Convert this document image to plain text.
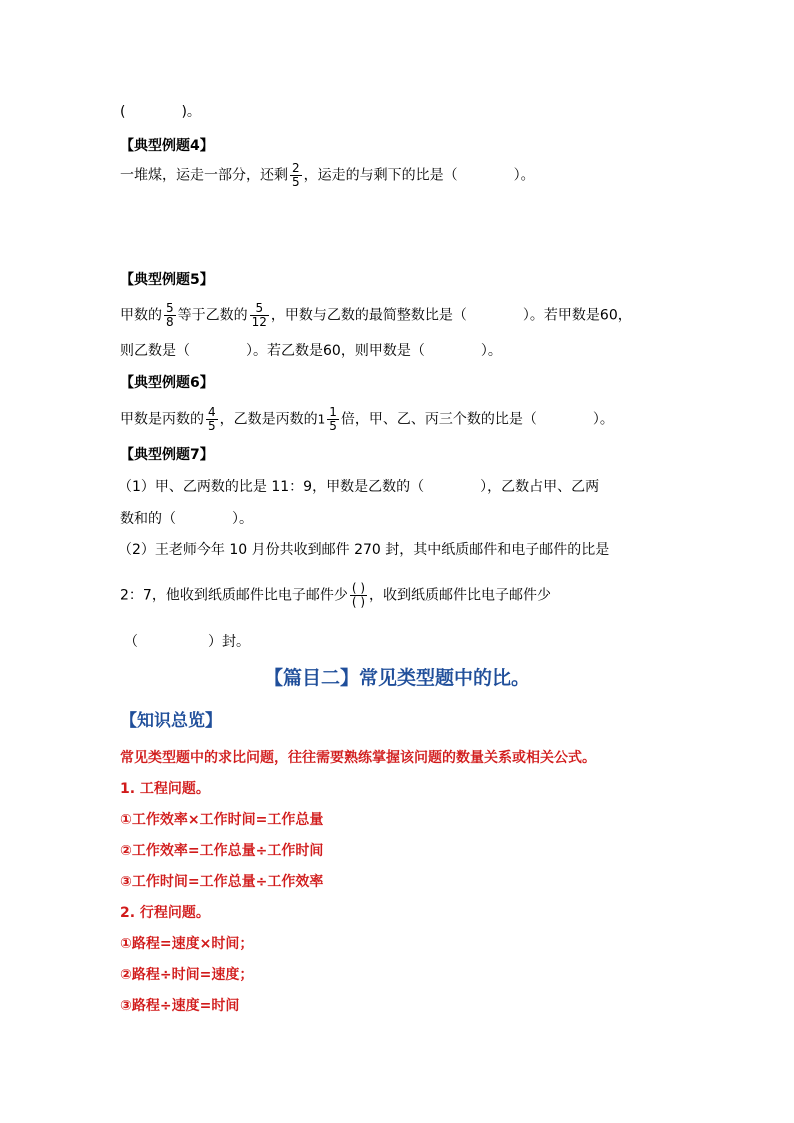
(　　　　)。
【典型例题4】
一堆煤，运走一部分，还剩 $\frac{2}{5}$ ，运走的与剩下的比是（　　　　）。
【典型例题5】
甲数的 $\frac{5}{8}$ 等于乙数的 $\frac{5}{12}$ ，甲数与乙数的最简整数比是（　　　　）。若甲数是60，
则乙数是（　　　　）。若乙数是60，则甲数是（　　　　）。
【典型例题6】
甲数是丙数的 $\frac{4}{5}$ ，乙数是丙数的$1 \frac{1}{5}$ 倍，甲、乙、丙三个数的比是（　　　　）。
【典型例题7】
（1）甲、乙两数的比是 11：9，甲数是乙数的（　　　　），乙数占甲、乙两
数和的（　　　　）。
（2）王老师今年 10 月份共收到邮件 270 封，其中纸质邮件和电子邮件的比是
2：7，他收到纸质邮件比电子邮件少 $\frac{( )}{( )}$ ，收到纸质邮件比电子邮件少
（　　　　　）封。
【篇目二】常见类型题中的比。
【知识总览】
常见类型题中的求比问题，往往需要熟练掌握该问题的数量关系或相关公式。
1. 工程问题。
①工作效率×工作时间=工作总量
②工作效率=工作总量÷工作时间
③工作时间=工作总量÷工作效率
2. 行程问题。
①路程=速度×时间；
②路程÷时间=速度；
③路程÷速度=时间
